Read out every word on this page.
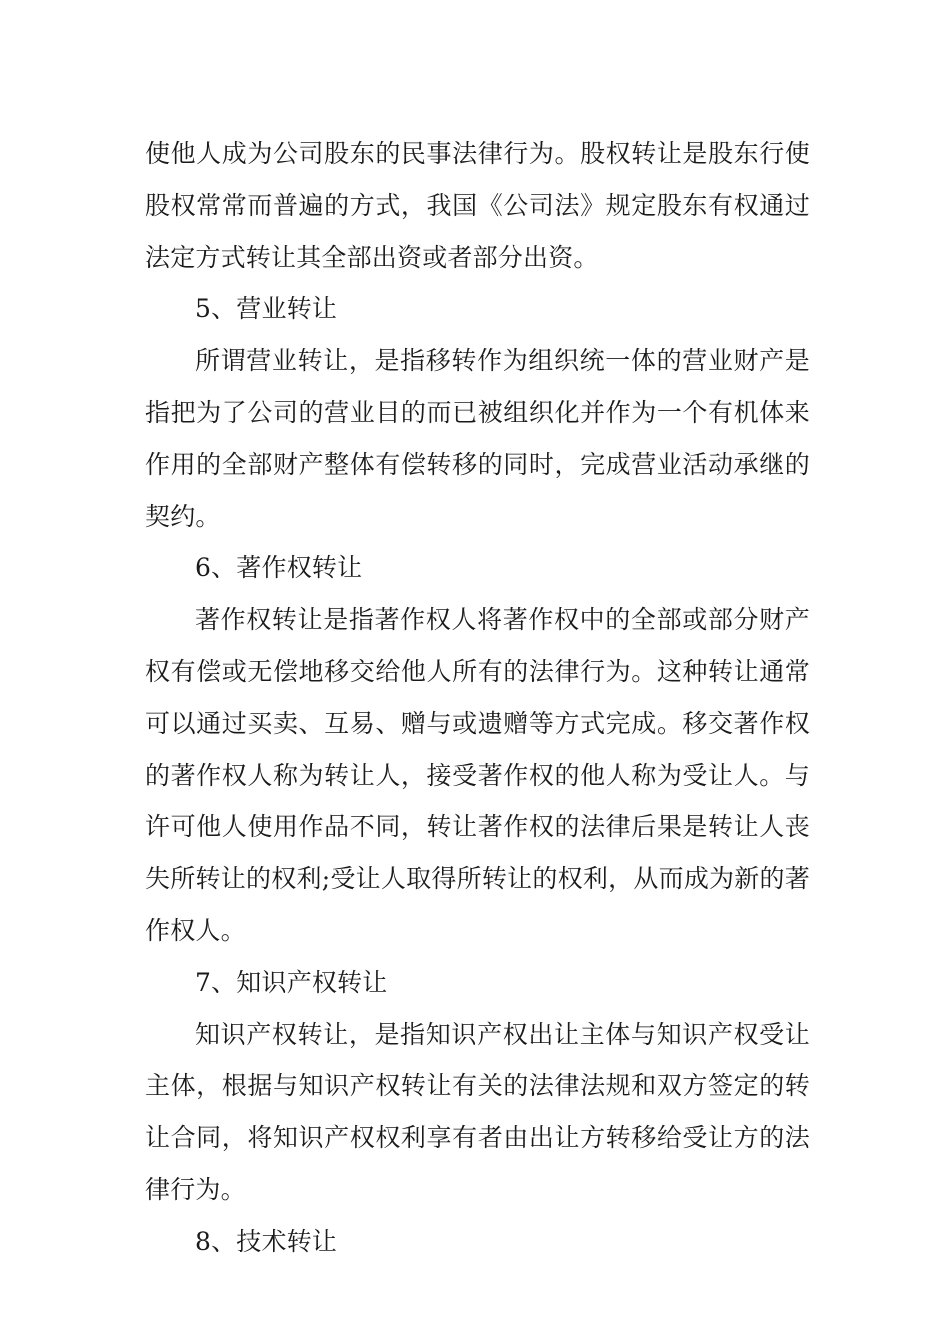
使他人成为公司股东的民事法律行为。股权转让是股东行使股权常常而普遍的方式，我国《公司法》规定股东有权通过法定方式转让其全部出资或者部分出资。

5、营业转让

所谓营业转让，是指移转作为组织统一体的营业财产是指把为了公司的营业目的而已被组织化并作为一个有机体来作用的全部财产整体有偿转移的同时，完成营业活动承继的契约。

6、著作权转让

著作权转让是指著作权人将著作权中的全部或部分财产权有偿或无偿地移交给他人所有的法律行为。这种转让通常可以通过买卖、互易、赠与或遗赠等方式完成。移交著作权的著作权人称为转让人，接受著作权的他人称为受让人。与许可他人使用作品不同，转让著作权的法律后果是转让人丧失所转让的权利;受让人取得所转让的权利，从而成为新的著作权人。

7、知识产权转让

知识产权转让，是指知识产权出让主体与知识产权受让主体，根据与知识产权转让有关的法律法规和双方签定的转让合同，将知识产权权利享有者由出让方转移给受让方的法律行为。

8、技术转让
